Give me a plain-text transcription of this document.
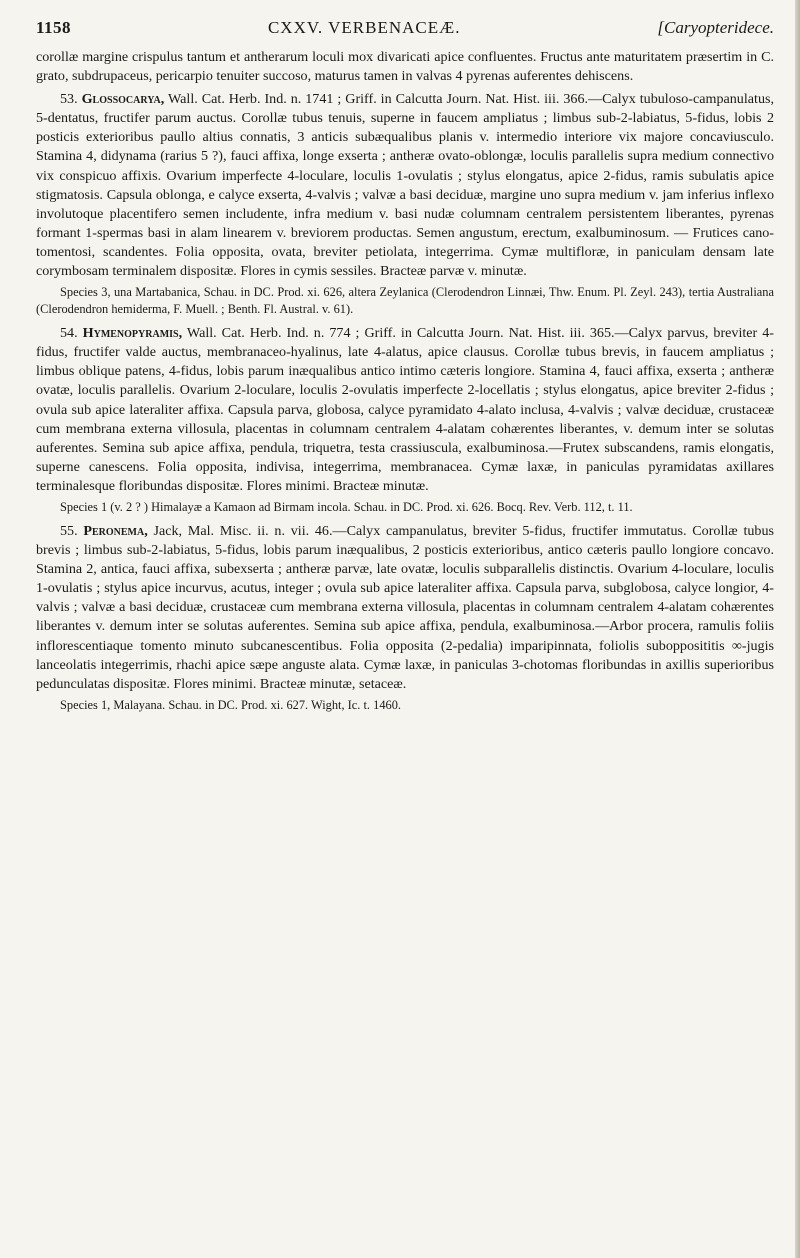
1158	CXXV. VERBENACEÆ.	[Caryopteridece.

corollæ margine crispulus tantum et antherarum loculi mox divaricati apice confluentes. Fructus ante maturitatem præsertim in C. grato, subdrupaceus, pericarpio tenuiter succoso, maturus tamen in valvas 4 pyrenas auferentes dehiscens.

53. Glossocarya, Wall. Cat. Herb. Ind. n. 1741 ; Griff. in Calcutta Journ. Nat. Hist. iii. 366.—Calyx tubuloso-campanulatus, 5-dentatus, fructifer parum auctus. Corollæ tubus tenuis, superne in faucem ampliatus ; limbus sub-2-labiatus, 5-fidus, lobis 2 posticis exterioribus paullo altius connatis, 3 anticis subæqualibus planis v. intermedio interiore vix majore concaviusculo. Stamina 4, didynama (rarius 5 ?), fauci affixa, longe exserta ; antheræ ovato-oblongæ, loculis parallelis supra medium connectivo vix conspicuo affixis. Ovarium imperfecte 4-loculare, loculis 1-ovulatis ; stylus elongatus, apice 2-fidus, ramis subulatis apice stigmatosis. Capsula oblonga, e calyce exserta, 4-valvis ; valvæ a basi deciduæ, margine uno supra medium v. jam inferius inflexo involutoque placentifero semen includente, infra medium v. basi nudæ columnam centralem persistentem liberantes, pyrenas formant 1-spermas basi in alam linearem v. breviorem productas. Semen angustum, erectum, exalbuminosum. — Frutices cano-tomentosi, scandentes. Folia opposita, ovata, breviter petiolata, integerrima. Cymæ multifloræ, in paniculam densam late corymbosam terminalem dispositæ. Flores in cymis sessiles. Bracteæ parvæ v. minutæ.

Species 3, una Martabanica, Schau. in DC. Prod. xi. 626, altera Zeylanica (Clerodendron Linnæi, Thw. Enum. Pl. Zeyl. 243), tertia Australiana (Clerodendron hemiderma, F. Muell. ; Benth. Fl. Austral. v. 61).

54. Hymenopyramis, Wall. Cat. Herb. Ind. n. 774 ; Griff. in Calcutta Journ. Nat. Hist. iii. 365.—Calyx parvus, breviter 4-fidus, fructifer valde auctus, membranaceo-hyalinus, late 4-alatus, apice clausus. Corollæ tubus brevis, in faucem ampliatus ; limbus oblique patens, 4-fidus, lobis parum inæqualibus antico intimo cæteris longiore. Stamina 4, fauci affixa, exserta ; antheræ ovatæ, loculis parallelis. Ovarium 2-loculare, loculis 2-ovulatis imperfecte 2-locellatis ; stylus elongatus, apice breviter 2-fidus ; ovula sub apice lateraliter affixa. Capsula parva, globosa, calyce pyramidato 4-alato inclusa, 4-valvis ; valvæ deciduæ, crustaceæ cum membrana externa villosula, placentas in columnam centralem 4-alatam cohærentes liberantes, v. demum inter se solutas auferentes. Semina sub apice affixa, pendula, triquetra, testa crassiuscula, exalbuminosa.—Frutex subscandens, ramis elongatis, superne canescens. Folia opposita, indivisa, integerrima, membranacea. Cymæ laxæ, in paniculas pyramidatas axillares terminalesque floribundas dispositæ. Flores minimi. Bracteæ minutæ.

Species 1 (v. 2 ? ) Himalayæ a Kamaon ad Birmam incola. Schau. in DC. Prod. xi. 626. Bocq. Rev. Verb. 112, t. 11.

55. Peronema, Jack, Mal. Misc. ii. n. vii. 46.—Calyx campanulatus, breviter 5-fidus, fructifer immutatus. Corollæ tubus brevis ; limbus sub-2-labiatus, 5-fidus, lobis parum inæqualibus, 2 posticis exterioribus, antico cæteris paullo longiore concavo. Stamina 2, antica, fauci affixa, subexserta ; antheræ parvæ, late ovatæ, loculis subparallelis distinctis. Ovarium 4-loculare, loculis 1-ovulatis ; stylus apice incurvus, acutus, integer ; ovula sub apice lateraliter affixa. Capsula parva, subglobosa, calyce longior, 4-valvis ; valvæ a basi deciduæ, crustaceæ cum membrana externa villosula, placentas in columnam centralem 4-alatam cohærentes liberantes v. demum inter se solutas auferentes. Semina sub apice affixa, pendula, exalbuminosa.—Arbor procera, ramulis foliis inflorescentiaque tomento minuto subcanescentibus. Folia opposita (2-pedalia) imparipinnata, foliolis subopposititis ∞-jugis lanceolatis integerrimis, rhachi apice sæpe anguste alata. Cymæ laxæ, in paniculas 3-chotomas floribundas in axillis superioribus pedunculatas dispositæ. Flores minimi. Bracteæ minutæ, setaceæ.

Species 1, Malayana. Schau. in DC. Prod. xi. 627. Wight, Ic. t. 1460.
